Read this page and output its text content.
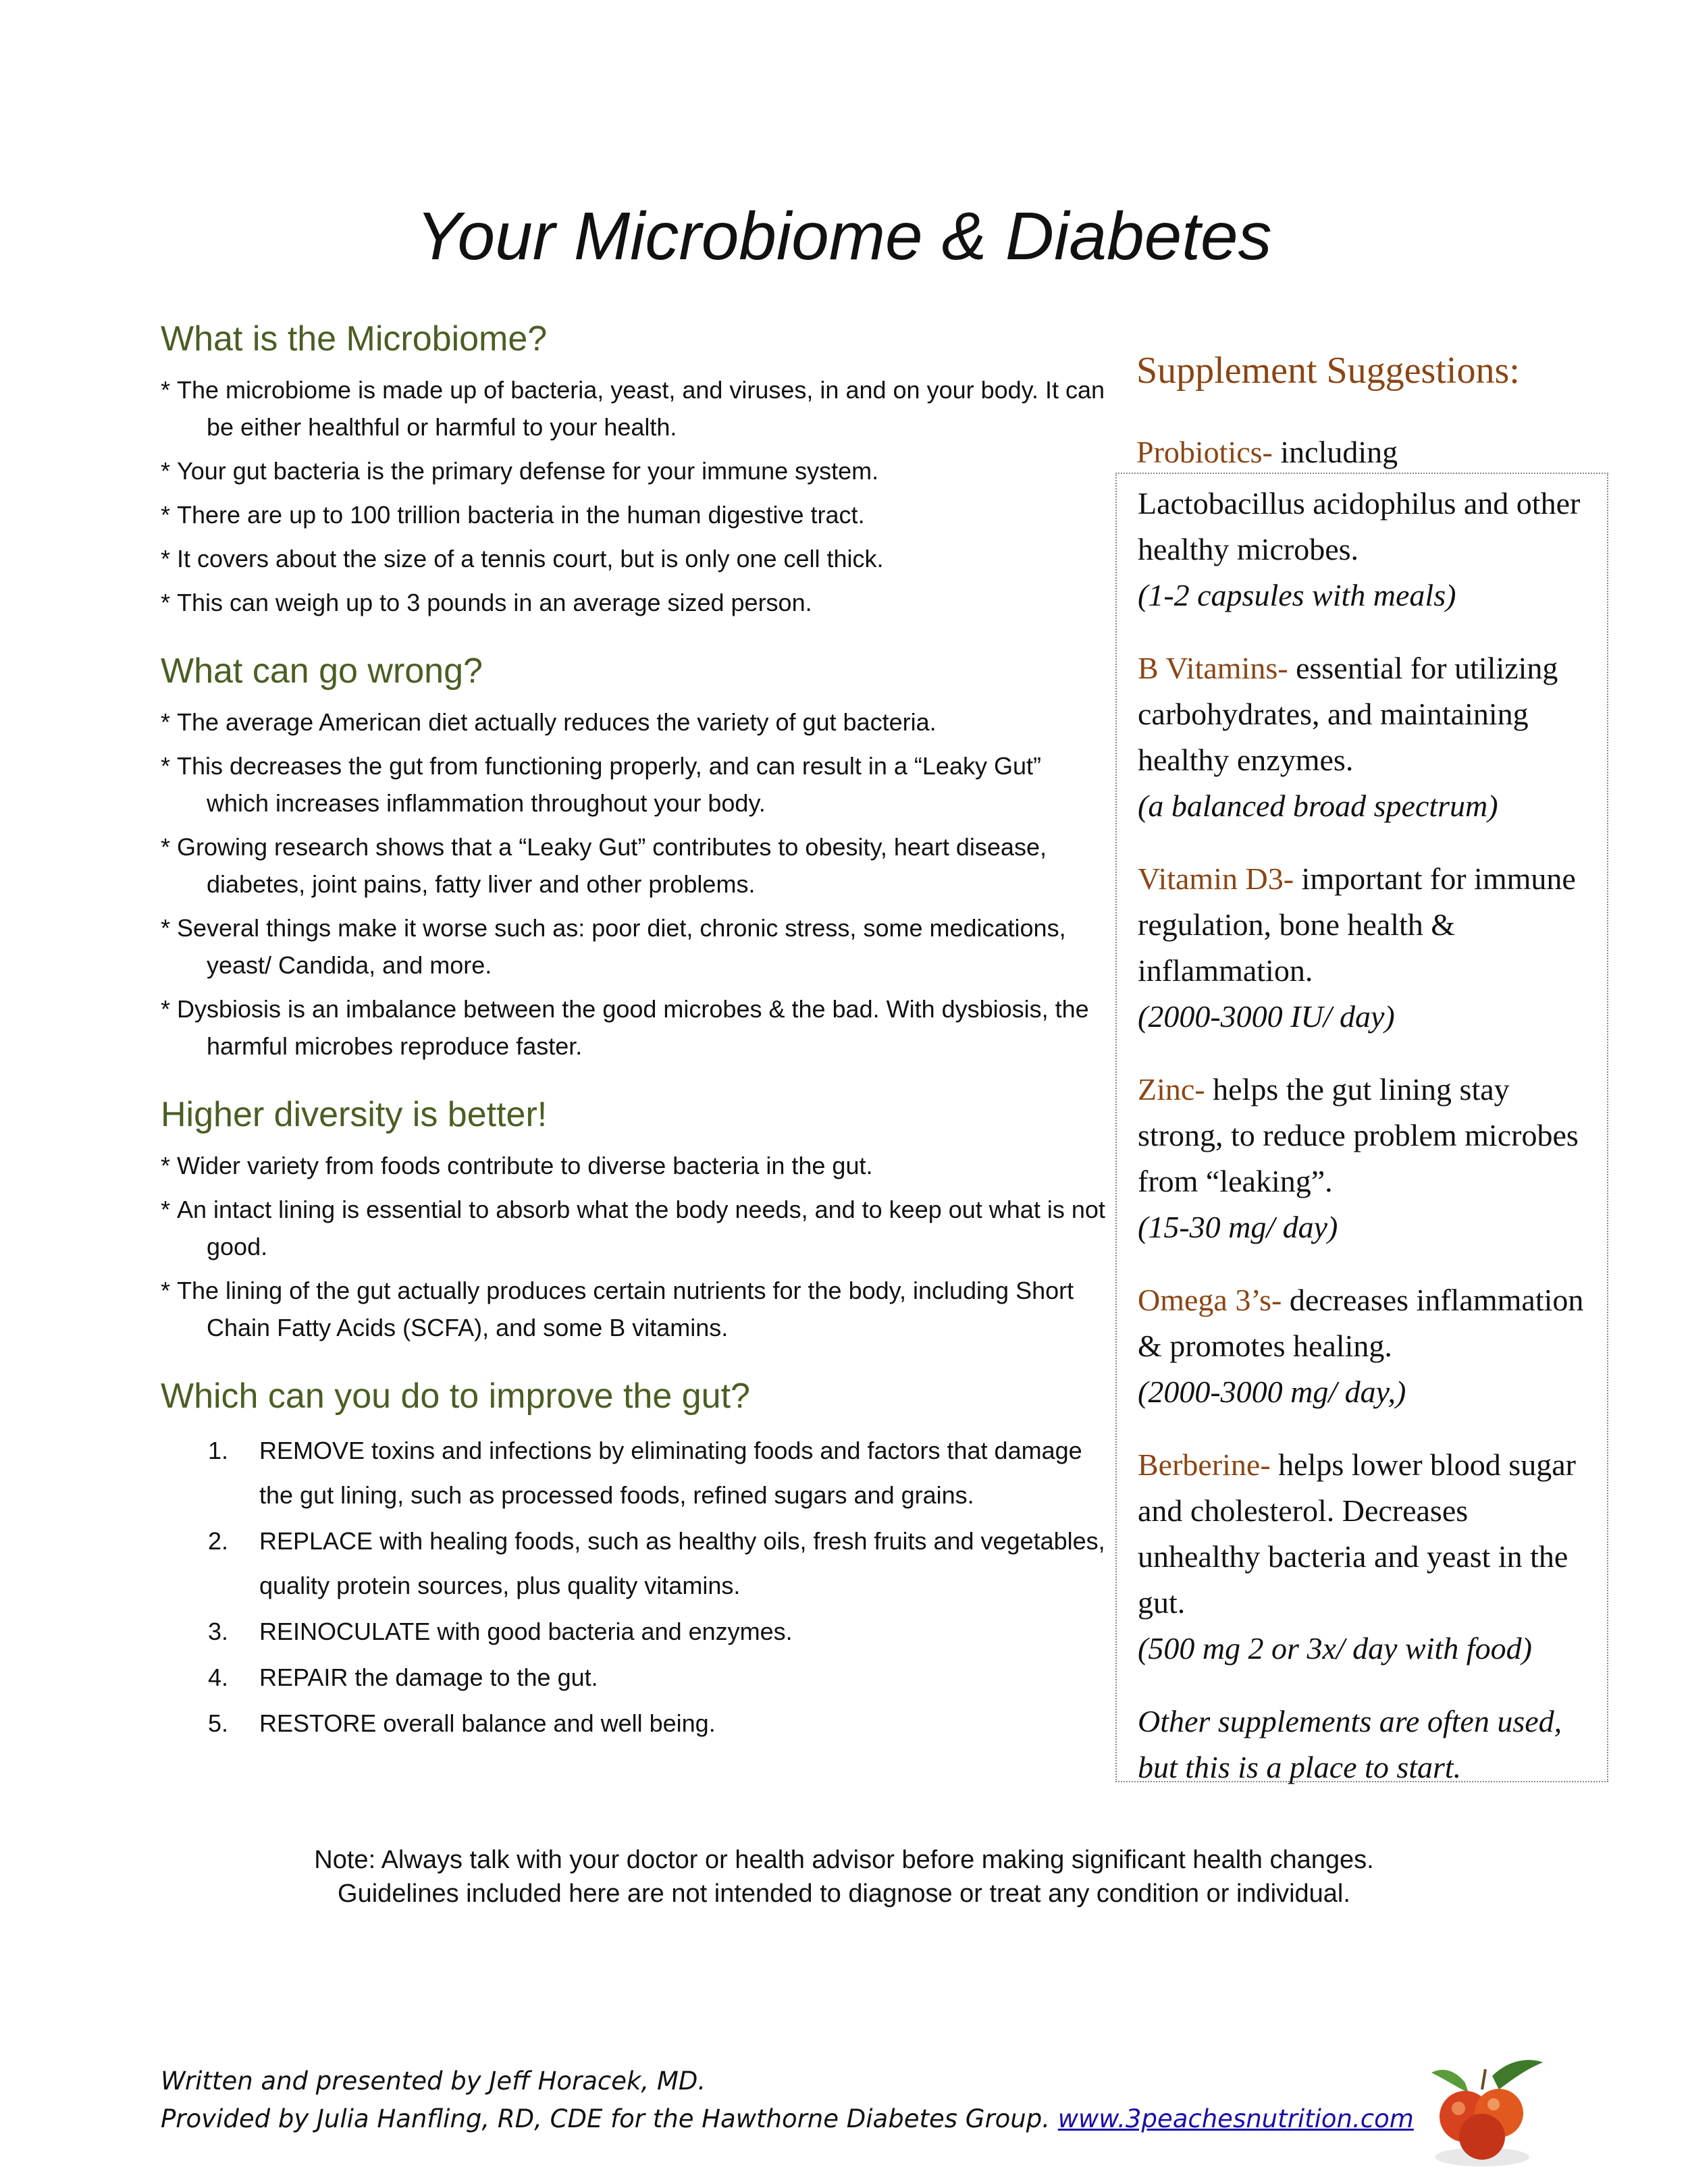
Your Microbiome & Diabetes
What is the Microbiome?
* The microbiome is made up of bacteria, yeast, and viruses, in and on your body. It can be either healthful or harmful to your health.
* Your gut bacteria is the primary defense for your immune system.
* There are up to 100 trillion bacteria in the human digestive tract.
* It covers about the size of a tennis court, but is only one cell thick.
* This can weigh up to 3 pounds in an average sized person.
What can go wrong?
* The average American diet actually reduces the variety of gut bacteria.
* This decreases the gut from functioning properly, and can result in a “Leaky Gut” which increases inflammation throughout your body.
* Growing research shows that a “Leaky Gut” contributes to obesity, heart disease, diabetes, joint pains, fatty liver and other problems.
* Several things make it worse such as: poor diet, chronic stress, some medications, yeast/ Candida, and more.
* Dysbiosis is an imbalance between the good microbes & the bad. With dysbiosis, the harmful microbes reproduce faster.
Higher diversity is better!
* Wider variety from foods contribute to diverse bacteria in the gut.
* An intact lining is essential to absorb what the body needs, and to keep out what is not good.
* The lining of the gut actually produces certain nutrients for the body, including Short Chain Fatty Acids (SCFA), and some B vitamins.
Which can you do to improve the gut?
1. REMOVE toxins and infections by eliminating foods and factors that damage the gut lining, such as processed foods, refined sugars and grains.
2. REPLACE with healing foods, such as healthy oils, fresh fruits and vegetables, quality protein sources, plus quality vitamins.
3. REINOCULATE with good bacteria and enzymes.
4. REPAIR the damage to the gut.
5. RESTORE overall balance and well being.
Supplement Suggestions:

Probiotics- including

Lactobacillus acidophilus and other healthy microbes.
(1-2 capsules with meals)

B Vitamins- essential for utilizing carbohydrates, and maintaining healthy enzymes.
(a balanced broad spectrum)

Vitamin D3- important for immune regulation, bone health & inflammation.
(2000-3000 IU/ day)

Zinc- helps the gut lining stay strong, to reduce problem microbes from “leaking”.
(15-30 mg/ day)

Omega 3’s- decreases inflammation & promotes healing.
(2000-3000 mg/ day,)

Berberine- helps lower blood sugar and cholesterol. Decreases unhealthy bacteria and yeast in the gut.
(500 mg 2 or 3x/ day with food)

Other supplements are often used, but this is a place to start.

Note: Always talk with your doctor or health advisor before making significant health changes.
Guidelines included here are not intended to diagnose or treat any condition or individual.
Written and presented by Jeff Horacek, MD.
Provided by Julia Hanfling, RD, CDE for the Hawthorne Diabetes Group. www.3peachesnutrition.com
